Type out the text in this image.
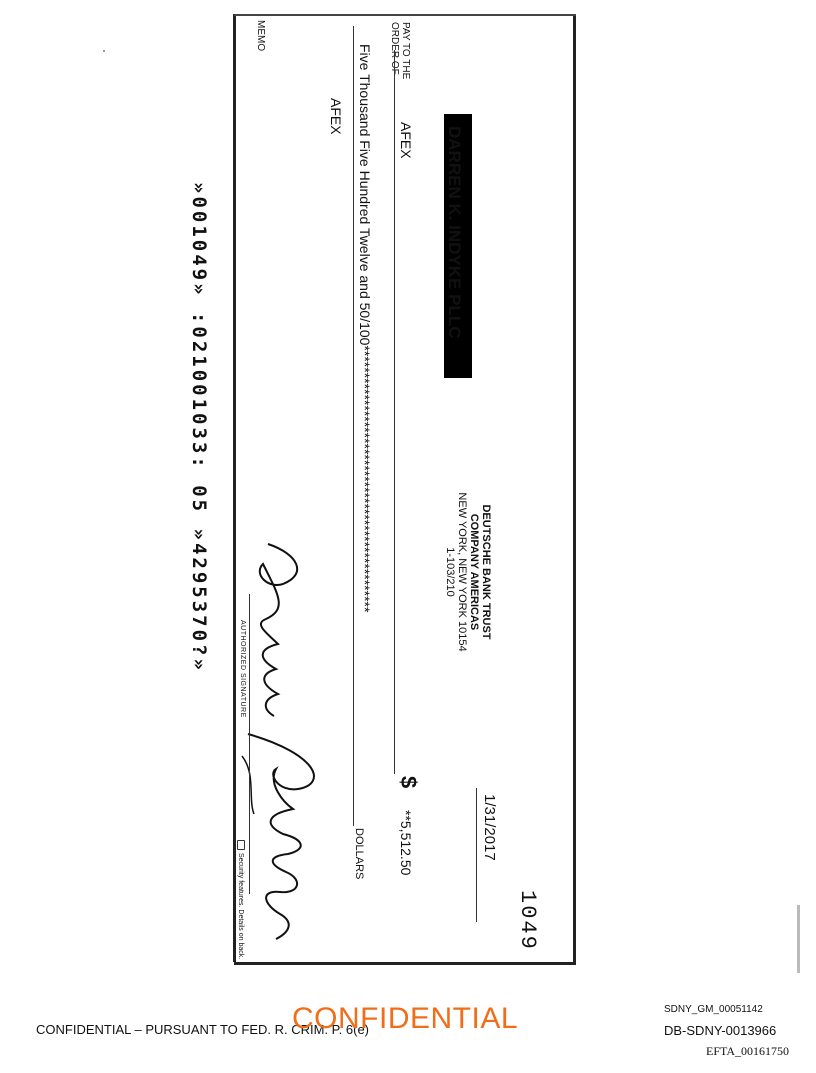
DARREN K. INDYKE PLLC
DEUTSCHE BANK TRUST
COMPANY AMERICAS
NEW YORK, NEW YORK 10154
1-103/210
1049
1/31/2017
PAY TO THE ORDER OF
AFEX
$
**5,512.50
Five Thousand Five Hundred Twelve and 50/100*************************************************
DOLLARS
AFEX
MEMO
AUTHORIZED SIGNATURE
Security features. Details on back.
»001049» :021001033: 05 »4295370?»
CONFIDENTIAL – PURSUANT TO FED. R. CRIM. P. 6(e)
CONFIDENTIAL	SDNY_GM_00051142
DB-SDNY-0013966
EFTA_00161750
